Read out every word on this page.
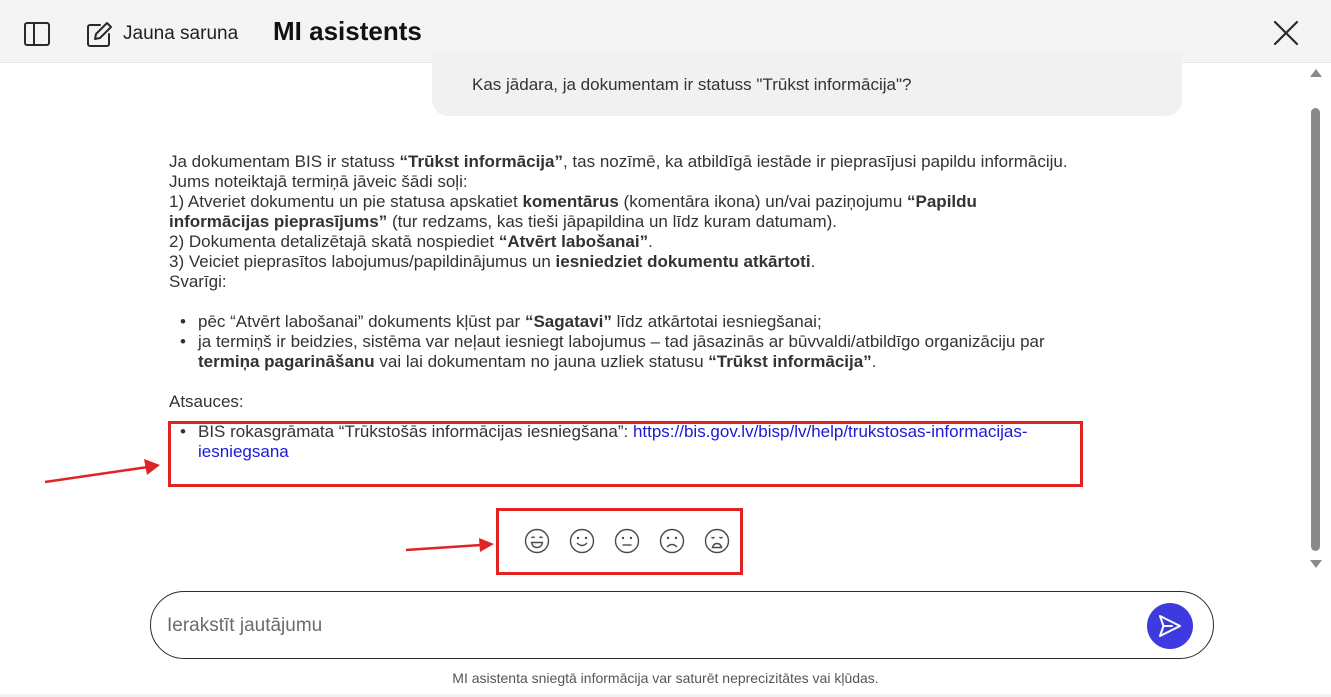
Jauna saruna MI asistents
Kas jādara, ja dokumentam ir statuss "Trūkst informācija"?

Ja dokumentam BIS ir statuss “Trūkst informācija”, tas nozīmē, ka atbildīgā iestāde ir pieprasījusi papildu informāciju. Jums noteiktajā termiņā jāveic šādi soļi:

1) Atveriet dokumentu un pie statusa apskatiet komentārus (komentāra ikona) un/vai paziņojumu “Papildu informācijas pieprasījums” (tur redzams, kas tieši jāpapildina un līdz kuram datumam).

2) Dokumenta detalizētajā skatā nospiediet “Atvērt labošanai”.

3) Veiciet pieprasītos labojumus/papildinājumus un iesniedziet dokumentu atkārtoti.

Svarīgi:

• pēc “Atvērt labošanai” dokuments kļūst par “Sagatavi” līdz atkārtotai iesniegšanai;
• ja termiņš ir beidzies, sistēma var neļaut iesniegt labojumus – tad jāsazinās ar būvvaldi/atbildīgo organizāciju par termiņa pagarināšanu vai lai dokumentam no jauna uzliek statusu “Trūkst informācija”.

Atsauces:

• BIS rokasgrāmata “Trūkstošās informācijas iesniegšana”: https://bis.gov.lv/bisp/lv/help/trukstosas-informacijas-iesniegsana
Ierakstīt jautājumu
MI asistenta sniegtā informācija var saturēt neprecizitātes vai kļūdas.
